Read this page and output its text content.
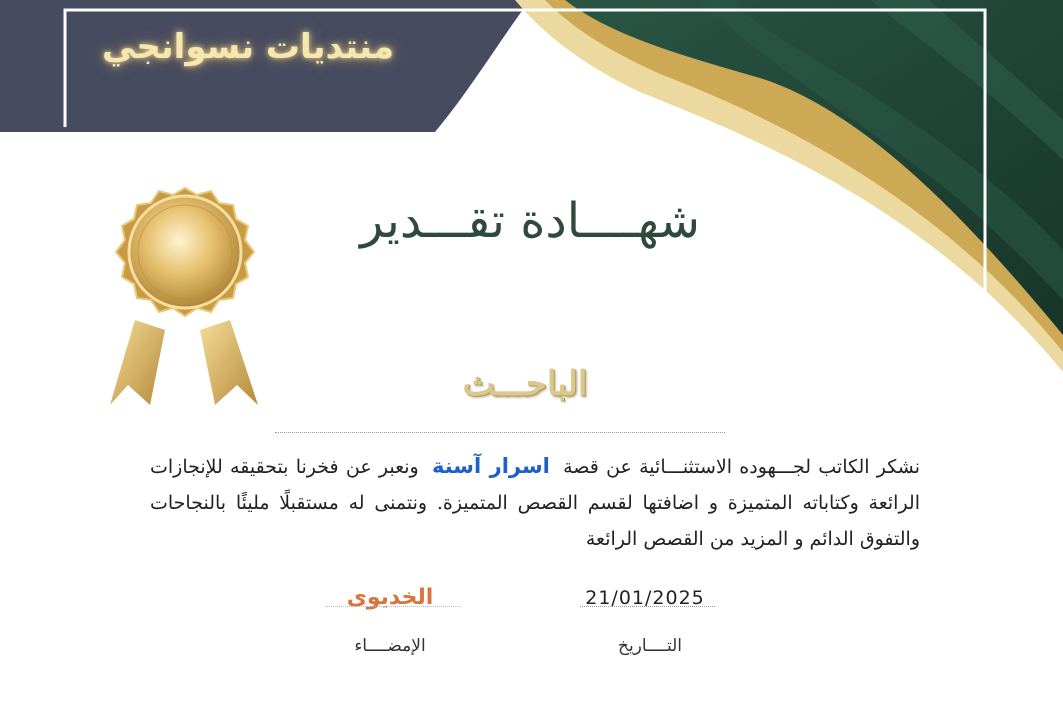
منتديات نسوانجي
شهــــادة تقـــدير
الباحـــث
نشكر الكاتب لجـــهوده الاستثنـــائية عن قصة اسرار آسنة ونعبر عن فخرنا بتحقيقه للإنجازات الرائعة وكتاباته المتميزة و اضافتها لقسم القصص المتميزة. ونتمنى له مستقبلًا مليئًا بالنجاحات والتفوق الدائم و المزيد من القصص الرائعة
الخديوى
الإمضــــاء
21/01/2025
التــــاريخ
